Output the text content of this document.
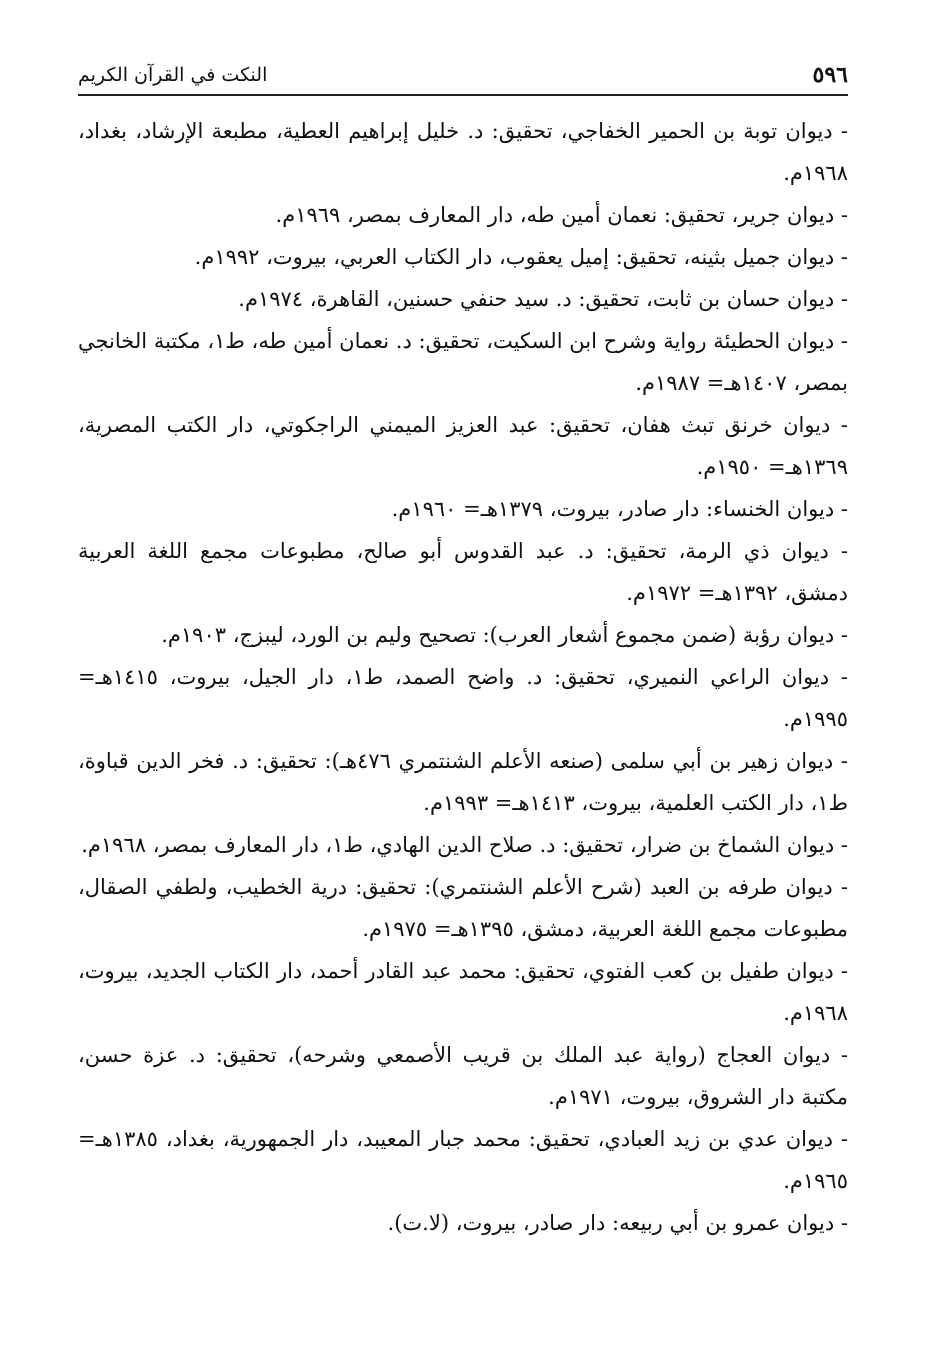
٥٩٦
النكت في القرآن الكريم
- ديوان توبة بن الحمير الخفاجي، تحقيق: د. خليل إبراهيم العطية، مطبعة الإرشاد، بغداد، ١٩٦٨م.
- ديوان جرير، تحقيق: نعمان أمين طه، دار المعارف بمصر، ١٩٦٩م.
- ديوان جميل بثينه، تحقيق: إميل يعقوب، دار الكتاب العربي، بيروت، ١٩٩٢م.
- ديوان حسان بن ثابت، تحقيق: د. سيد حنفي حسنين، القاهرة، ١٩٧٤م.
- ديوان الحطيئة رواية وشرح ابن السكيت، تحقيق: د. نعمان أمين طه، ط١، مكتبة الخانجي بمصر، ١٤٠٧هـ= ١٩٨٧م.
- ديوان خرنق تبث هفان، تحقيق: عبد العزيز الميمني الراجكوتي، دار الكتب المصرية، ١٣٦٩هـ= ١٩٥٠م.
- ديوان الخنساء: دار صادر، بيروت، ١٣٧٩هـ= ١٩٦٠م.
- ديوان ذي الرمة، تحقيق: د. عبد القدوس أبو صالح، مطبوعات مجمع اللغة العربية دمشق، ١٣٩٢هـ= ١٩٧٢م.
- ديوان رؤبة (ضمن مجموع أشعار العرب): تصحيح وليم بن الورد، ليبزج، ١٩٠٣م.
- ديوان الراعي النميري، تحقيق: د. واضح الصمد، ط١، دار الجيل، بيروت، ١٤١٥هـ= ١٩٩٥م.
- ديوان زهير بن أبي سلمى (صنعه الأعلم الشنتمري ٤٧٦هـ): تحقيق: د. فخر الدين قباوة، ط١، دار الكتب العلمية، بيروت، ١٤١٣هـ= ١٩٩٣م.
- ديوان الشماخ بن ضرار، تحقيق: د. صلاح الدين الهادي، ط١، دار المعارف بمصر، ١٩٦٨م.
- ديوان طرفه بن العبد (شرح الأعلم الشنتمري): تحقيق: درية الخطيب، ولطفي الصقال، مطبوعات مجمع اللغة العربية، دمشق، ١٣٩٥هـ= ١٩٧٥م.
- ديوان طفيل بن كعب الفتوي، تحقيق: محمد عبد القادر أحمد، دار الكتاب الجديد، بيروت، ١٩٦٨م.
- ديوان العجاج (رواية عبد الملك بن قريب الأصمعي وشرحه)، تحقيق: د. عزة حسن، مكتبة دار الشروق، بيروت، ١٩٧١م.
- ديوان عدي بن زيد العبادي، تحقيق: محمد جبار المعيبد، دار الجمهورية، بغداد، ١٣٨٥هـ= ١٩٦٥م.
- ديوان عمرو بن أبي ربيعه: دار صادر، بيروت، (لا.ت).
